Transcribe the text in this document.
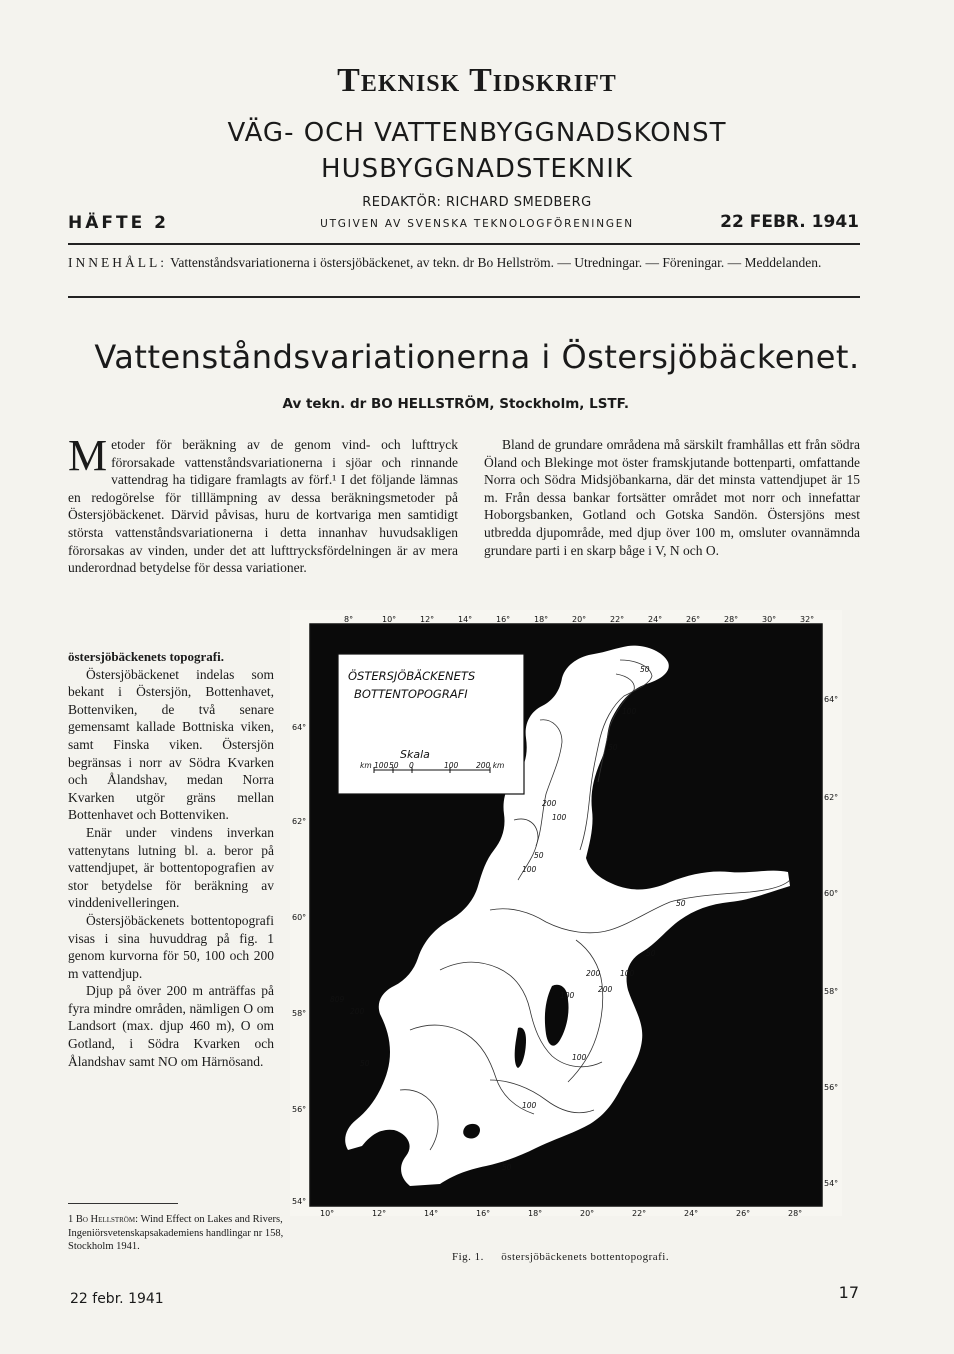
Teknisk Tidskrift
VÄG- OCH VATTENBYGGNADSKONST
HUSBYGGNADSTEKNIK
REDAKTÖR: RICHARD SMEDBERG
HÄFTE 2	UTGIVEN AV SVENSKA TEKNOLOGFÖRENINGEN	22 FEBR. 1941
INNEHÅLL: Vattenståndsvariationerna i östersjöbäckenet, av tekn. dr Bo Hellström. — Utredningar. — Föreningar. — Meddelanden.
Vattenståndsvariationerna i Östersjöbäckenet.
Av tekn. dr BO HELLSTRÖM, Stockholm, LSTF.
M etoder för beräkning av de genom vind- och lufttryck förorsakade vattenståndsvariationerna i sjöar och rinnande vattendrag ha tidigare framlagts av förf.¹ I det följande lämnas en redogörelse för tilllämpning av dessa beräkningsmetoder på Östersjöbäckenet. Därvid påvisas, huru de kortvariga men samtidigt största vattenståndsvariationerna i detta innanhav huvudsakligen förorsakas av vinden, under det att lufttrycksfördelningen är av mera underordnad betydelse för dessa variationer.

Bland de grundare områdena må särskilt framhållas ett från södra Öland och Blekinge mot öster framskjutande bottenparti, omfattande Norra och Södra Midsjöbankarna, där det minsta vattendjupet är 15 m. Från dessa bankar fortsätter området mot norr och innefattar Hoborgsbanken, Gotland och Gotska Sandön. Östersjöns mest utbredda djupområde, med djup över 100 m, omsluter ovannämnda grundare parti i en skarp båge i V, N och O.

östersjöbäckenets topografi.

Östersjöbäckenet indelas som bekant i Östersjön, Bottenhavet, Bottenviken, de två senare gemensamt kallade Bottniska viken, samt Finska viken. Östersjön begränsas i norr av Södra Kvarken och Ålandshav, medan Norra Kvarken utgör gräns mellan Bottenhavet och Bottenviken.

Enär under vindens inverkan vattenytans lutning bl. a. beror på vattendjupet, är bottentopografien av stor betydelse för beräkning av vinddenivelleringen.

Östersjöbäckenets bottentopografi visas i sina huvuddrag på fig. 1 genom kurvorna för 50, 100 och 200 m vattendjup.

Djup på över 200 m anträffas på fyra mindre områden, nämligen O om Landsort (max. djup 460 m), O om Gotland, i Södra Kvarken och Ålandshav samt NO om Härnösand.

ÖSTERSJÖBÄCKENETS
BOTTENTOPOGRAFI
Skala
km 100 50 0	100 200 km
8°	10°	12°	14°	16°	18°	20°	22°	24°	26°	28°	30°	32°
10°	12°	14°	16°	18°	20°	22°	24°	26°	28°
64°
62°
60°
58°
56°
54°
64°
62°
60°
58°
56°
54°
50
100
50
200
100
50
100
200	100
50
50
200
100
809
200
50
100
100
50
Fig. 1. östersjöbäckenets bottentopografi.
1 Bo Hellström: Wind Effect on Lakes and Rivers, Ingeniörsvetenskapsakademiens handlingar nr 158, Stockholm 1941.
22 febr. 1941	17
